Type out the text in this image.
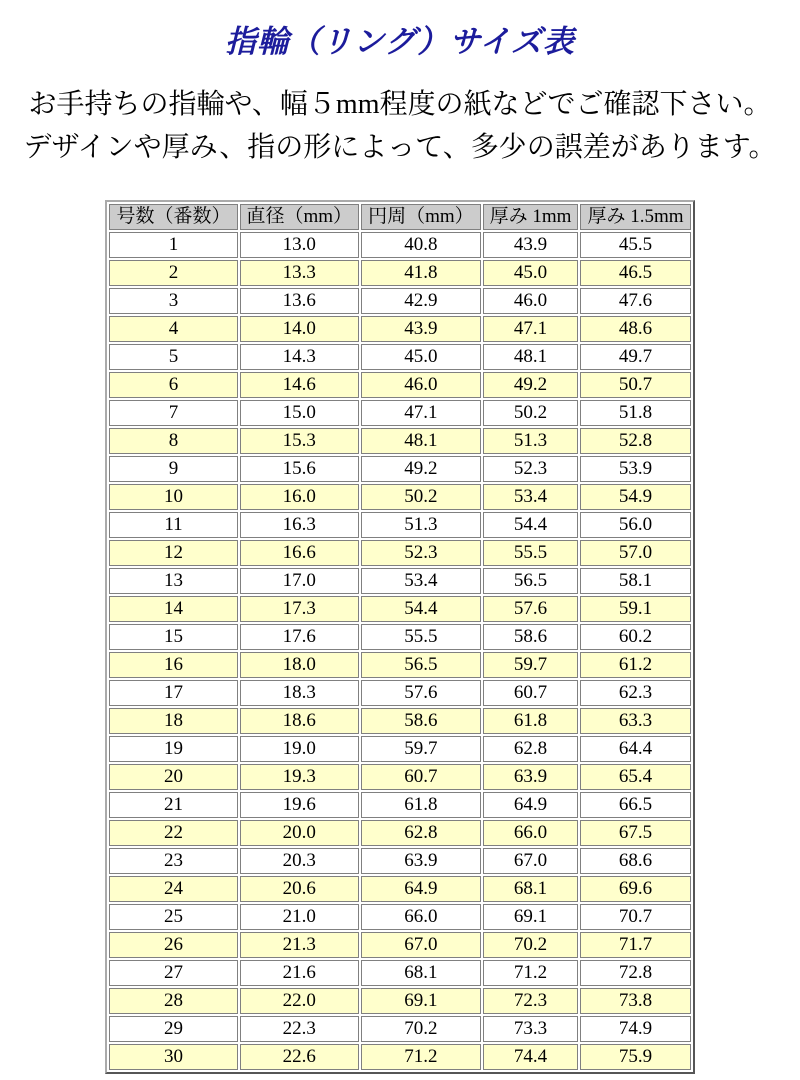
指輪（リング）サイズ表
お手持ちの指輪や、幅５mm程度の紙などでご確認下さい。
デザインや厚み、指の形によって、多少の誤差があります。
号数（番数）	直径（mm）	円周（mm）	厚み 1mm	厚み 1.5mm
1	13.0	40.8	43.9	45.5
2	13.3	41.8	45.0	46.5
3	13.6	42.9	46.0	47.6
4	14.0	43.9	47.1	48.6
5	14.3	45.0	48.1	49.7
6	14.6	46.0	49.2	50.7
7	15.0	47.1	50.2	51.8
8	15.3	48.1	51.3	52.8
9	15.6	49.2	52.3	53.9
10	16.0	50.2	53.4	54.9
11	16.3	51.3	54.4	56.0
12	16.6	52.3	55.5	57.0
13	17.0	53.4	56.5	58.1
14	17.3	54.4	57.6	59.1
15	17.6	55.5	58.6	60.2
16	18.0	56.5	59.7	61.2
17	18.3	57.6	60.7	62.3
18	18.6	58.6	61.8	63.3
19	19.0	59.7	62.8	64.4
20	19.3	60.7	63.9	65.4
21	19.6	61.8	64.9	66.5
22	20.0	62.8	66.0	67.5
23	20.3	63.9	67.0	68.6
24	20.6	64.9	68.1	69.6
25	21.0	66.0	69.1	70.7
26	21.3	67.0	70.2	71.7
27	21.6	68.1	71.2	72.8
28	22.0	69.1	72.3	73.8
29	22.3	70.2	73.3	74.9
30	22.6	71.2	74.4	75.9
